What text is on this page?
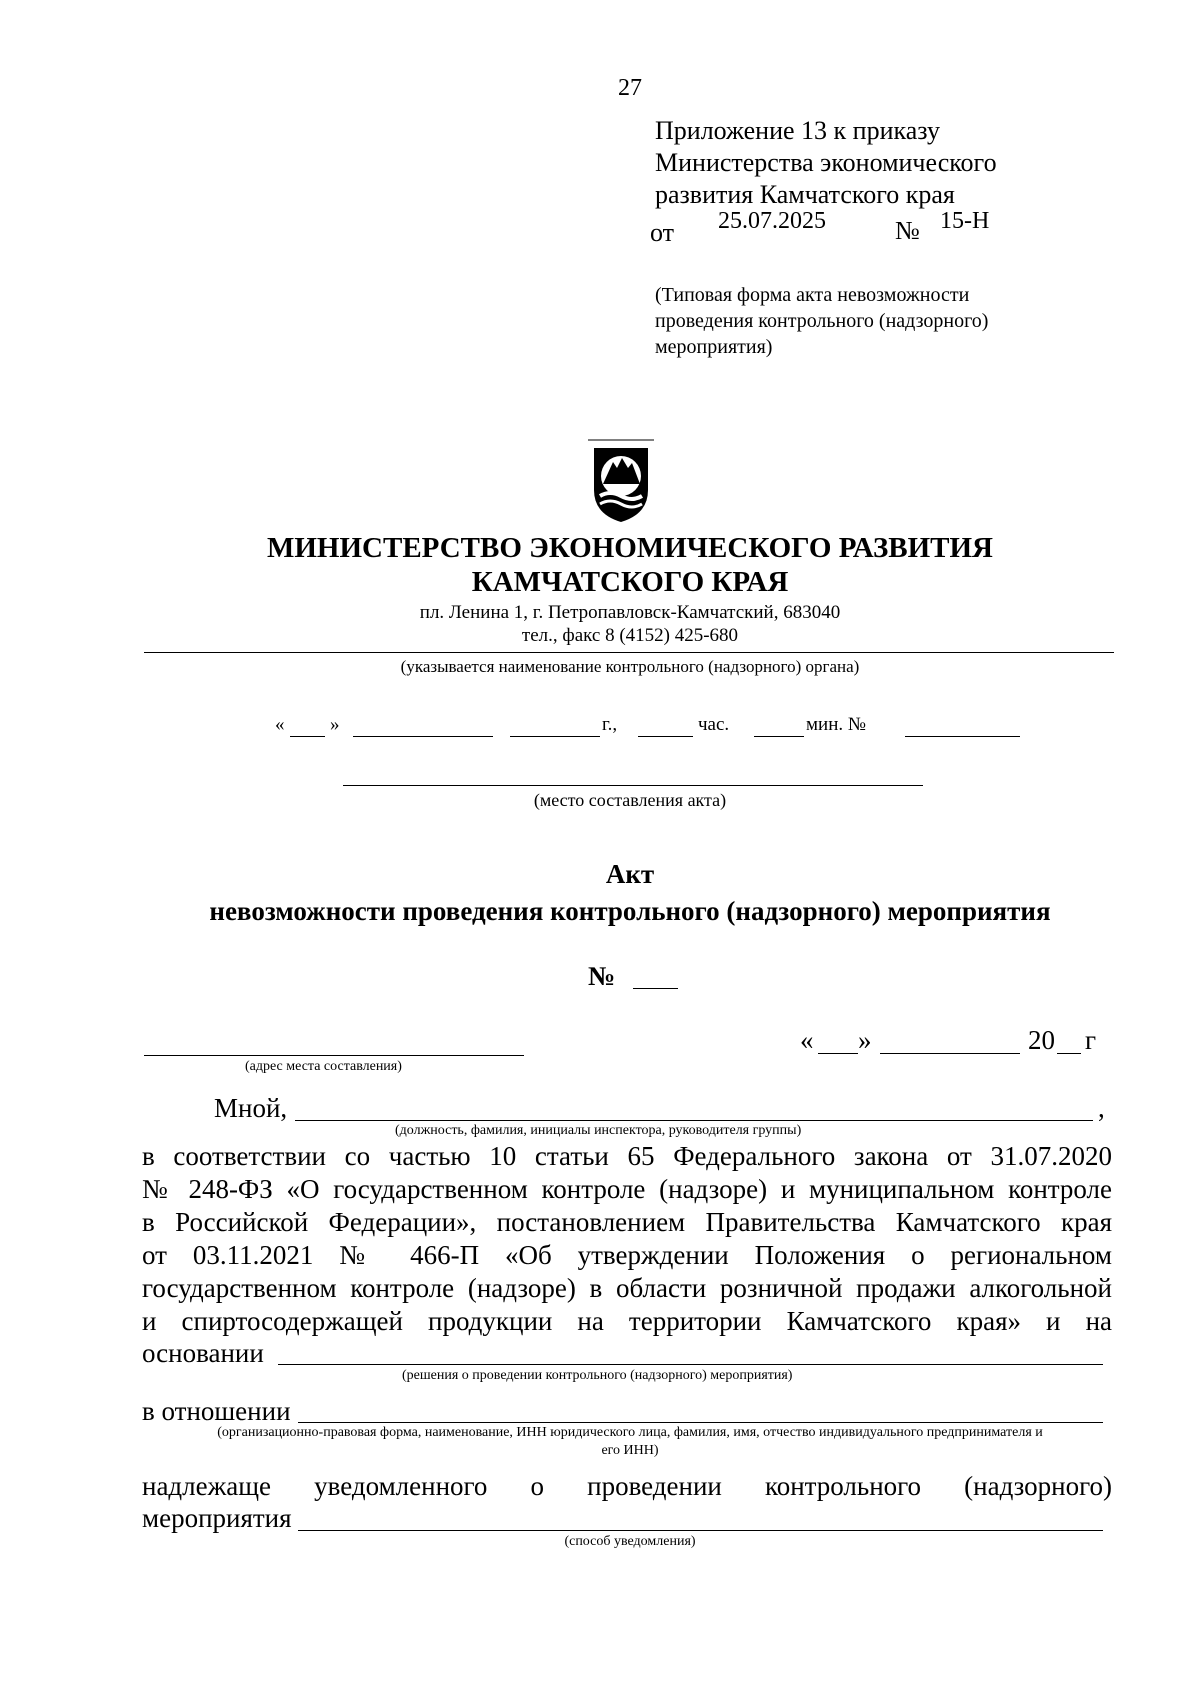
27
Приложение 13 к приказу
Министерства экономического
развития Камчатского края
от 25.07.2025	№ 15-Н
(Типовая форма акта невозможности
проведения контрольного (надзорного)
мероприятия)
МИНИСТЕРСТВО ЭКОНОМИЧЕСКОГО РАЗВИТИЯ
КАМЧАТСКОГО КРАЯ
пл. Ленина 1, г. Петропавловск-Камчатский, 683040
тел., факс 8 (4152) 425-680
(указывается наименование контрольного (надзорного) органа)
« »	г.,	час.	мин. №
(место составления акта)
Акт
невозможности проведения контрольного (надзорного) мероприятия
№
(адрес места составления)
« »	20 г
Мной,	,
(должность, фамилия, инициалы инспектора, руководителя группы)
в соответствии со частью 10 статьи 65 Федерального закона от 31.07.2020
№ 248-ФЗ «О государственном контроле (надзоре) и муниципальном контроле
в Российской Федерации», постановлением Правительства Камчатского края
от 03.11.2021 № 466-П «Об утверждении Положения о региональном
государственном контроле (надзоре) в области розничной продажи алкогольной
и спиртосодержащей продукции на территории Камчатского края» и на
основании
(решения о проведении контрольного (надзорного) мероприятия)
в отношении
(организационно-правовая форма, наименование, ИНН юридического лица, фамилия, имя, отчество индивидуального предпринимателя и
его ИНН)
надлежаще уведомленного о проведении контрольного (надзорного)
мероприятия
(способ уведомления)
